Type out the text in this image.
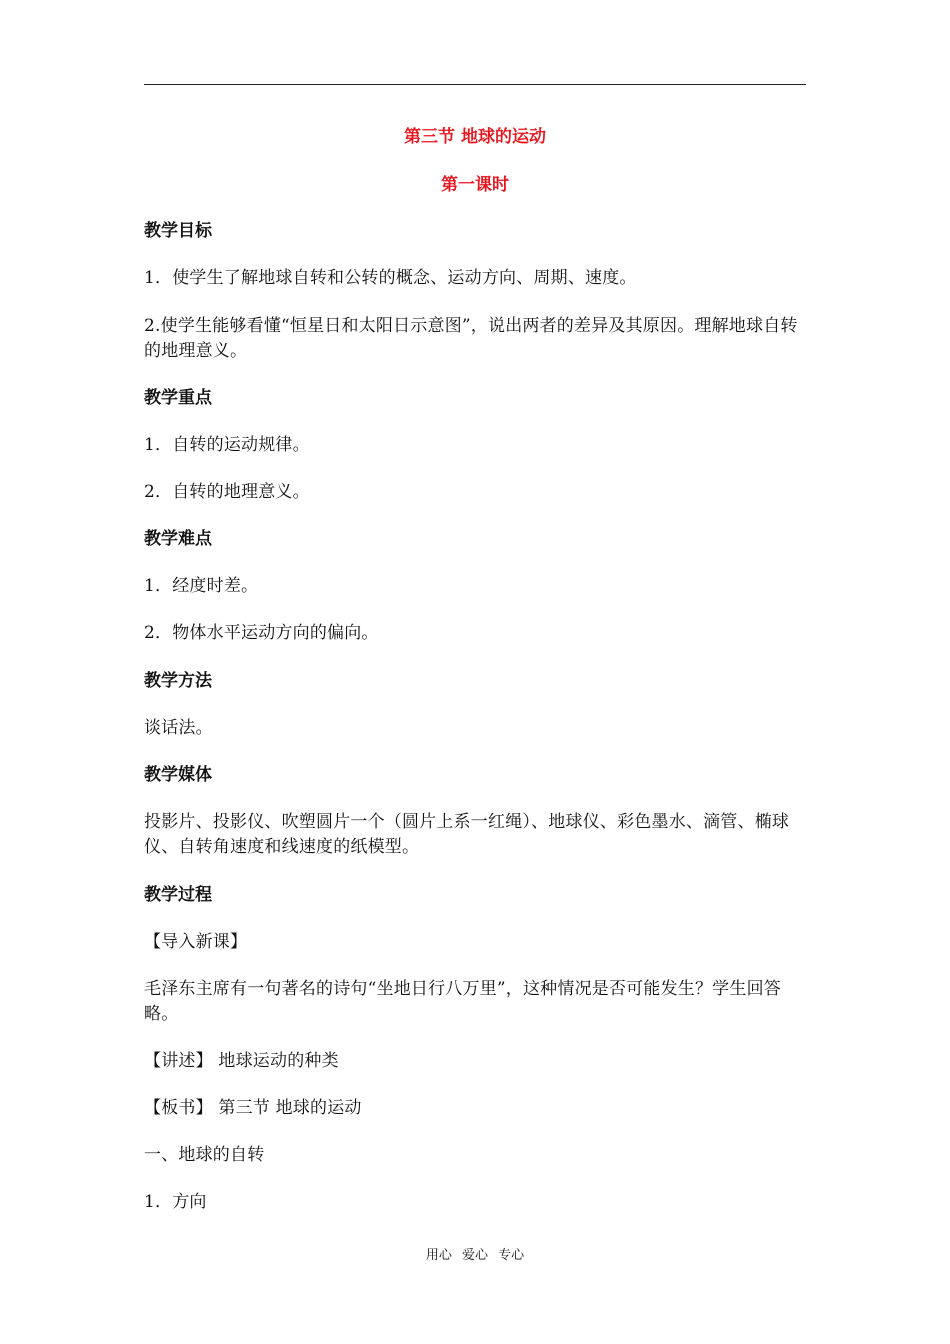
第三节 地球的运动
第一课时
教学目标
1．使学生了解地球自转和公转的概念、运动方向、周期、速度。
2.使学生能够看懂“恒星日和太阳日示意图”，说出两者的差异及其原因。理解地球自转的地理意义。
教学重点
1．自转的运动规律。
2．自转的地理意义。
教学难点
1．经度时差。
2．物体水平运动方向的偏向。
教学方法
谈话法。
教学媒体
投影片、投影仪、吹塑圆片一个（圆片上系一红绳）、地球仪、彩色墨水、滴管、椭球仪、自转角速度和线速度的纸模型。
教学过程
【导入新课】
毛泽东主席有一句著名的诗句“坐地日行八万里”，这种情况是否可能发生？学生回答略。
【讲述】 地球运动的种类
【板书】 第三节 地球的运动
一、地球的自转
1．方向
用心 爱心 专心
